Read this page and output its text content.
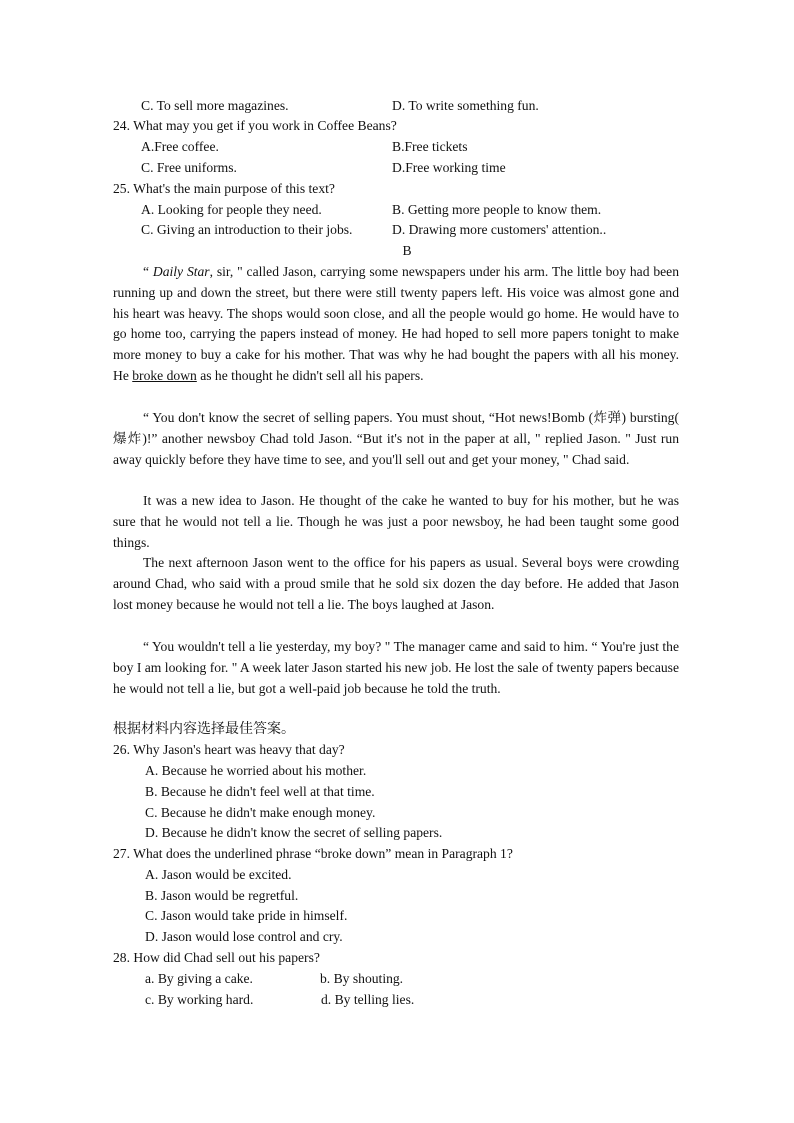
C. To sell more magazines.	D. To write something fun.
24. What may you get if you work in Coffee Beans?
A.Free coffee.	B.Free tickets
C. Free uniforms.	D.Free working time
25. What's the main purpose of this text?
A. Looking for people they need.	B. Getting more people to know them.
C. Giving an introduction to their jobs.	D. Drawing more customers' attention..
B

“ Daily Star, sir, " called Jason, carrying some newspapers under his arm. The little boy had been running up and down the street, but there were still twenty papers left. His voice was almost gone and his heart was heavy. The shops would soon close, and all the people would go home. He would have to go home too, carrying the papers instead of money. He had hoped to sell more papers tonight to make more money to buy a cake for his mother. That was why he had bought the papers with all his money. He broke down as he thought he didn't sell all his papers.

“ You don't know the secret of selling papers. You must shout, “Hot news!Bomb (炸弹) bursting( 爆炸)!” another newsboy Chad told Jason. “But it's not in the paper at all, " replied Jason. " Just run away quickly before they have time to see, and you'll sell out and get your money, " Chad said.

It was a new idea to Jason. He thought of the cake he wanted to buy for his mother, but he was sure that he would not tell a lie. Though he was just a poor newsboy, he had been taught some good things.

The next afternoon Jason went to the office for his papers as usual. Several boys were crowding around Chad, who said with a proud smile that he sold six dozen the day before. He added that Jason lost money because he would not tell a lie. The boys laughed at Jason.

“ You wouldn't tell a lie yesterday, my boy? " The manager came and said to him. “ You're just the boy I am looking for. " A week later Jason started his new job. He lost the sale of twenty papers because he would not tell a lie, but got a well-paid job because he told the truth.

根据材料内容选择最佳答案。
26. Why Jason's heart was heavy that day?
A. Because he worried about his mother.
B. Because he didn't feel well at that time.
C. Because he didn't make enough money.
D. Because he didn't know the secret of selling papers.
27. What does the underlined phrase “broke down” mean in Paragraph 1?
A. Jason would be excited.
B. Jason would be regretful.
C. Jason would take pride in himself.
D. Jason would lose control and cry.
28. How did Chad sell out his papers?
a. By giving a cake.	b. By shouting.
c. By working hard.	d. By telling lies.
